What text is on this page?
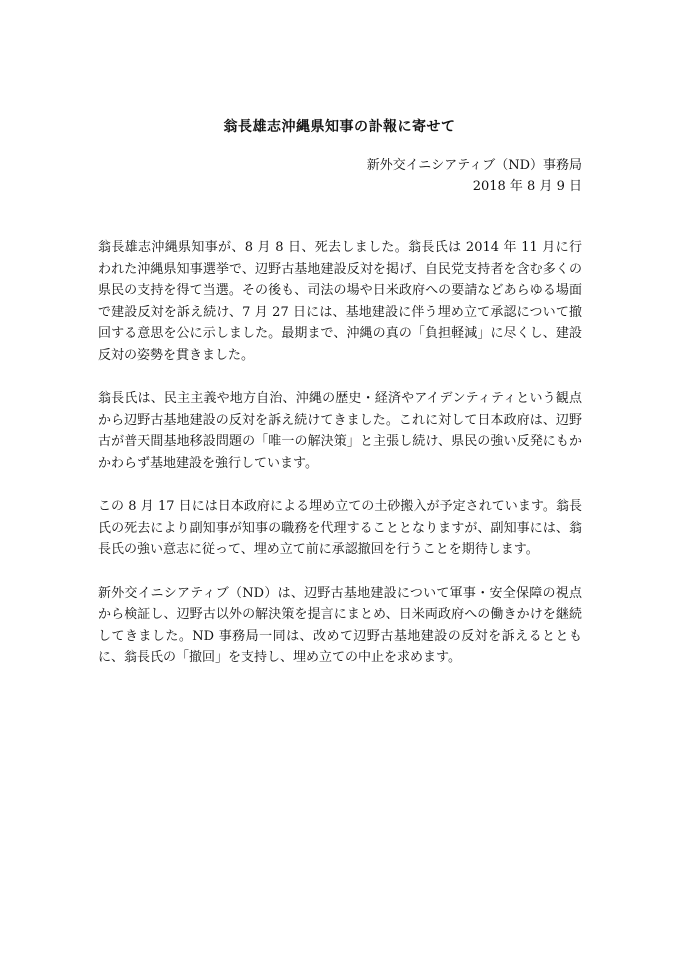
翁長雄志沖縄県知事の訃報に寄せて
新外交イニシアティブ（ND）事務局
2018 年 8 月 9 日

翁長雄志沖縄県知事が、8 月 8 日、死去しました。翁長氏は 2014 年 11 月に行われた沖縄県知事選挙で、辺野古基地建設反対を掲げ、自民党支持者を含む多くの県民の支持を得て当選。その後も、司法の場や日米政府への要請などあらゆる場面で建設反対を訴え続け、7 月 27 日には、基地建設に伴う埋め立て承認について撤回する意思を公に示しました。最期まで、沖縄の真の「負担軽減」に尽くし、建設反対の姿勢を貫きました。

翁長氏は、民主主義や地方自治、沖縄の歴史・経済やアイデンティティという観点から辺野古基地建設の反対を訴え続けてきました。これに対して日本政府は、辺野古が普天間基地移設問題の「唯一の解決策」と主張し続け、県民の強い反発にもかかわらず基地建設を強行しています。

この 8 月 17 日には日本政府による埋め立ての土砂搬入が予定されています。翁長氏の死去により副知事が知事の職務を代理することとなりますが、副知事には、翁長氏の強い意志に従って、埋め立て前に承認撤回を行うことを期待します。

新外交イニシアティブ（ND）は、辺野古基地建設について軍事・安全保障の視点から検証し、辺野古以外の解決策を提言にまとめ、日米両政府への働きかけを継続してきました。ND 事務局一同は、改めて辺野古基地建設の反対を訴えるとともに、翁長氏の「撤回」を支持し、埋め立ての中止を求めます。
